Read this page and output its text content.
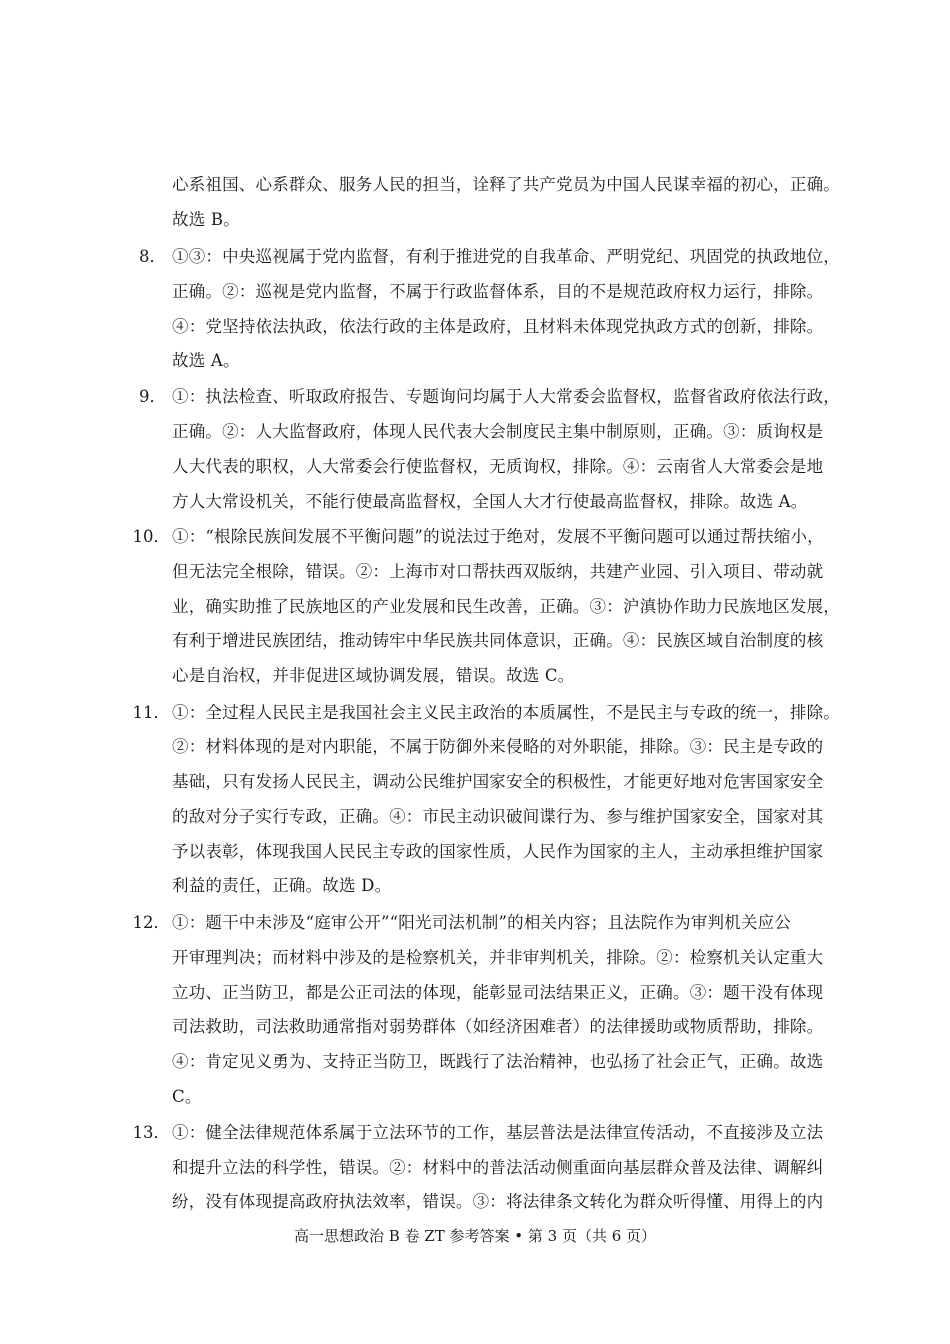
心系祖国、心系群众、服务人民的担当，诠释了共产党员为中国人民谋幸福的初心，正确。
故选 B。
8． ①③：中央巡视属于党内监督，有利于推进党的自我革命、严明党纪、巩固党的执政地位，
正确。②：巡视是党内监督，不属于行政监督体系，目的不是规范政府权力运行，排除。
④：党坚持依法执政，依法行政的主体是政府，且材料未体现党执政方式的创新，排除。
故选 A。
9． ①：执法检查、听取政府报告、专题询问均属于人大常委会监督权，监督省政府依法行政，
正确。②：人大监督政府，体现人民代表大会制度民主集中制原则，正确。③：质询权是
人大代表的职权，人大常委会行使监督权，无质询权，排除。④：云南省人大常委会是地
方人大常设机关，不能行使最高监督权，全国人大才行使最高监督权，排除。故选 A。
10． ①：“根除民族间发展不平衡问题”的说法过于绝对，发展不平衡问题可以通过帮扶缩小，
但无法完全根除，错误。②：上海市对口帮扶西双版纳，共建产业园、引入项目、带动就
业，确实助推了民族地区的产业发展和民生改善，正确。③：沪滇协作助力民族地区发展，
有利于增进民族团结，推动铸牢中华民族共同体意识，正确。④：民族区域自治制度的核
心是自治权，并非促进区域协调发展，错误。故选 C。
11． ①：全过程人民民主是我国社会主义民主政治的本质属性，不是民主与专政的统一，排除。
②：材料体现的是对内职能，不属于防御外来侵略的对外职能，排除。③：民主是专政的
基础，只有发扬人民民主，调动公民维护国家安全的积极性，才能更好地对危害国家安全
的敌对分子实行专政，正确。④：市民主动识破间谍行为、参与维护国家安全，国家对其
予以表彰，体现我国人民民主专政的国家性质，人民作为国家的主人，主动承担维护国家
利益的责任，正确。故选 D。
12． ①：题干中未涉及“庭审公开”“阳光司法机制”的相关内容；且法院作为审判机关应公
开审理判决；而材料中涉及的是检察机关，并非审判机关，排除。②：检察机关认定重大
立功、正当防卫，都是公正司法的体现，能彰显司法结果正义，正确。③：题干没有体现
司法救助，司法救助通常指对弱势群体（如经济困难者）的法律援助或物质帮助，排除。
④：肯定见义勇为、支持正当防卫，既践行了法治精神，也弘扬了社会正气，正确。故选
C。
13． ①：健全法律规范体系属于立法环节的工作，基层普法是法律宣传活动，不直接涉及立法
和提升立法的科学性，错误。②：材料中的普法活动侧重面向基层群众普及法律、调解纠
纷，没有体现提高政府执法效率，错误。③：将法律条文转化为群众听得懂、用得上的内
高一思想政治 B 卷 ZT 参考答案 • 第 3 页（共 6 页）
